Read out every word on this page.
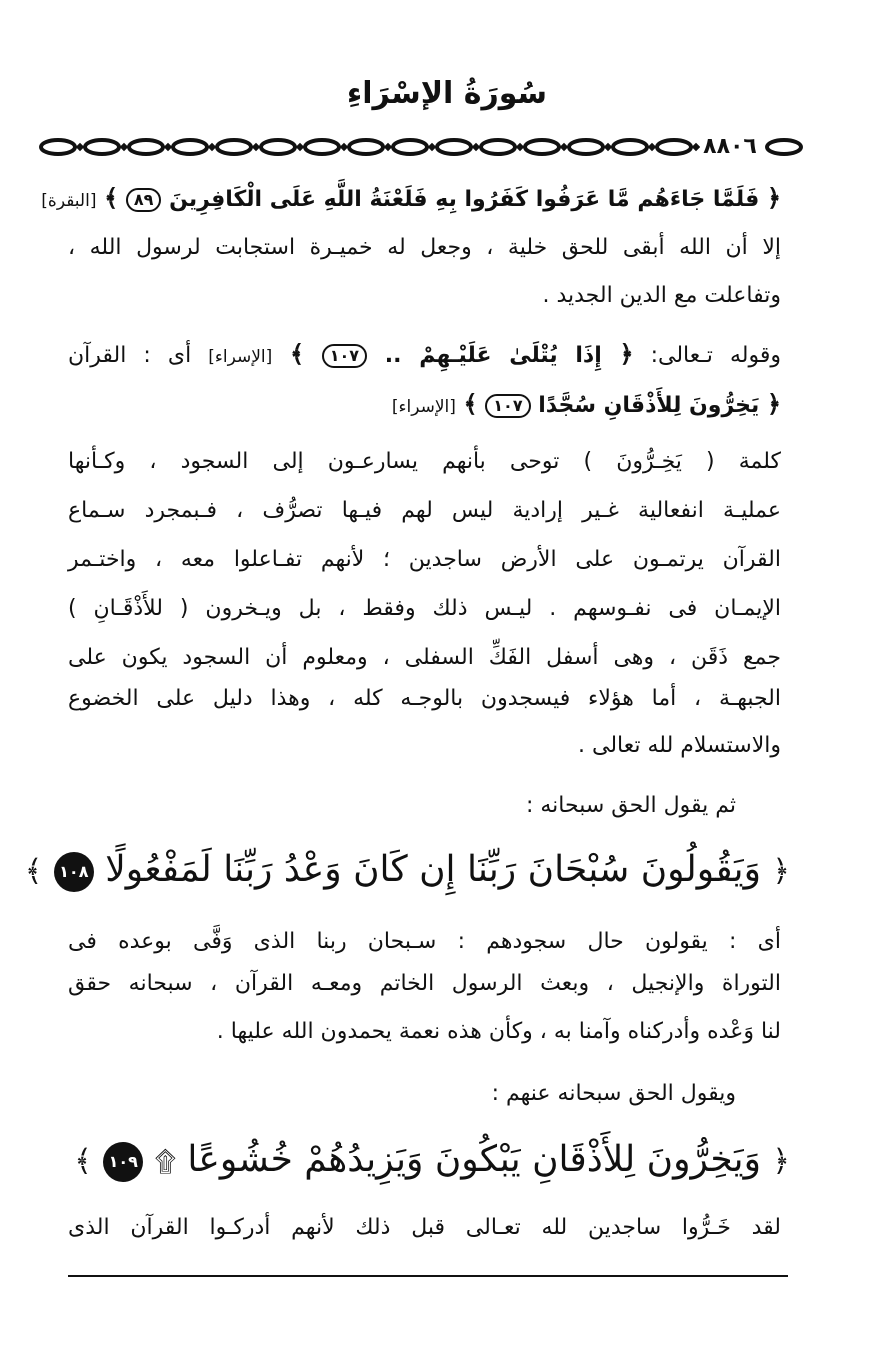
سُورَةُ الإسْرَاءِ
٨٨٠٦
﴿ فَلَمَّا جَاءَهُم مَّا عَرَفُوا كَفَرُوا بِهِ فَلَعْنَةُ اللَّهِ عَلَى الْكَافِرِينَ ٨٩ ﴾ [البقرة]
إلا أن الله أبقى للحق خلية ، وجعل له خميـرة استجابت لرسول الله ،
وتفاعلت مع الدين الجديد .
وقوله تـعالى: ﴿ إِذَا يُتْلَىٰ عَلَيْـهِمْ .. ١٠٧ ﴾ [الإسراء] أى : القرآن
﴿ يَخِرُّونَ لِلأَذْقَانِ سُجَّدًا ١٠٧ ﴾ [الإسراء]
كلمة ( يَخِـرُّونَ ) توحى بأنهم يسارعـون إلى السجود ، وكـأنها
عمليـة انفعالية غـير إرادية ليس لهم فيـها تصرُّف ، فـبمجرد سـماع
القرآن يرتمـون على الأرض ساجدين ؛ لأنهم تفـاعلوا معه ، واختـمر
الإيمـان فى نفـوسهم . ليـس ذلك وفقط ، بل ويـخرون ( للأَذْقَـانِ )
جمع ذَقَن ، وهى أسفل الفَكِّ السفلى ، ومعلوم أن السجود يكون على
الجبهـة ، أما هؤلاء فيسجدون بالوجـه كله ، وهذا دليل على الخضوع
والاستسلام لله تعالى .
ثم يقول الحق سبحانه :
﴿ وَيَقُولُونَ سُبْحَانَ رَبِّنَا إِن كَانَ وَعْدُ رَبِّنَا لَمَفْعُولًا ١٠٨ ﴾
أى : يقولون حال سجودهم : سـبحان ربنا الذى وَفَّى بوعده فى
التوراة والإنجيل ، وبعث الرسول الخاتم ومعـه القرآن ، سبحانه حقق
لنا وَعْده وأدركناه وآمنا به ، وكأن هذه نعمة يحمدون الله عليها .
ويقول الحق سبحانه عنهم :
﴿ وَيَخِرُّونَ لِلأَذْقَانِ يَبْكُونَ وَيَزِيدُهُمْ خُشُوعًا ۩ ١٠٩ ﴾
لقد خَـرُّوا ساجدين لله تعـالى قبل ذلك لأنهم أدركـوا القرآن الذى
